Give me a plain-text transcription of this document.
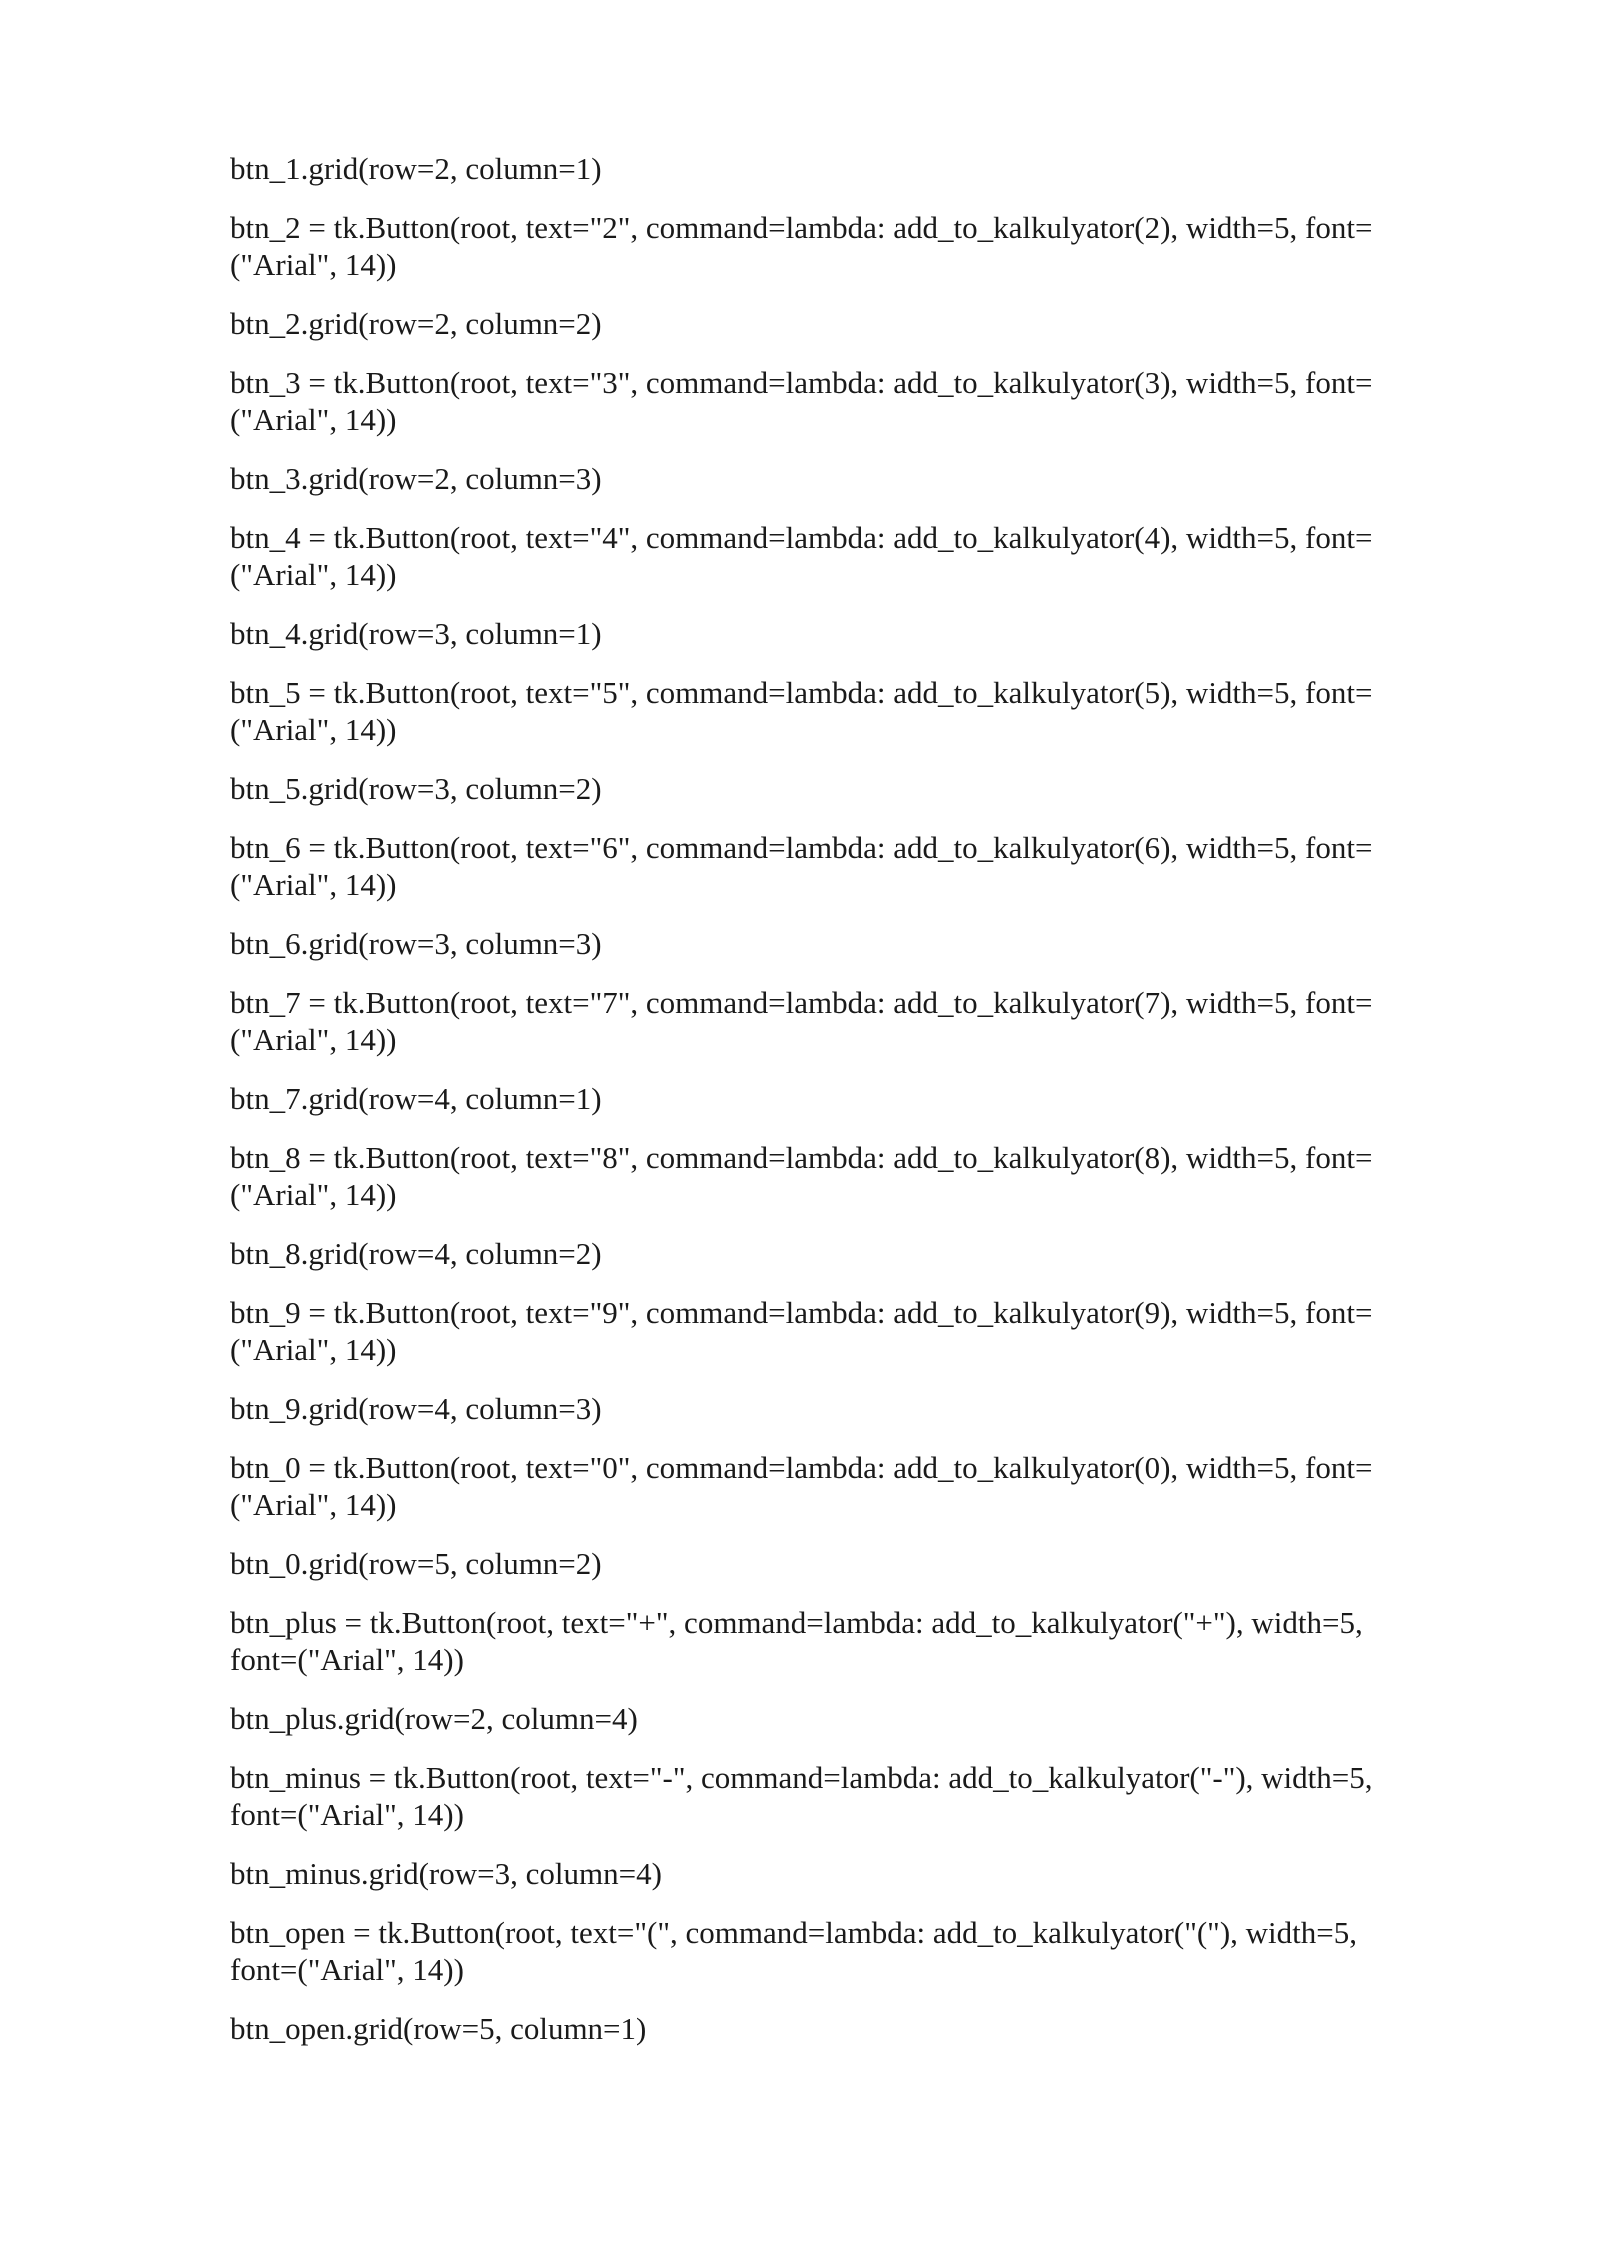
btn_1.grid(row=2, column=1)

btn_2 = tk.Button(root, text="2", command=lambda: add_to_kalkulyator(2), width=5, font=("Arial", 14))

btn_2.grid(row=2, column=2)

btn_3 = tk.Button(root, text="3", command=lambda: add_to_kalkulyator(3), width=5, font=("Arial", 14))

btn_3.grid(row=2, column=3)

btn_4 = tk.Button(root, text="4", command=lambda: add_to_kalkulyator(4), width=5, font=("Arial", 14))

btn_4.grid(row=3, column=1)

btn_5 = tk.Button(root, text="5", command=lambda: add_to_kalkulyator(5), width=5, font=("Arial", 14))

btn_5.grid(row=3, column=2)

btn_6 = tk.Button(root, text="6", command=lambda: add_to_kalkulyator(6), width=5, font=("Arial", 14))

btn_6.grid(row=3, column=3)

btn_7 = tk.Button(root, text="7", command=lambda: add_to_kalkulyator(7), width=5, font=("Arial", 14))

btn_7.grid(row=4, column=1)

btn_8 = tk.Button(root, text="8", command=lambda: add_to_kalkulyator(8), width=5, font=("Arial", 14))

btn_8.grid(row=4, column=2)

btn_9 = tk.Button(root, text="9", command=lambda: add_to_kalkulyator(9), width=5, font=("Arial", 14))

btn_9.grid(row=4, column=3)

btn_0 = tk.Button(root, text="0", command=lambda: add_to_kalkulyator(0), width=5, font=("Arial", 14))

btn_0.grid(row=5, column=2)

btn_plus = tk.Button(root, text="+", command=lambda: add_to_kalkulyator("+"), width=5, font=("Arial", 14))

btn_plus.grid(row=2, column=4)

btn_minus = tk.Button(root, text="-", command=lambda: add_to_kalkulyator("-"), width=5, font=("Arial", 14))

btn_minus.grid(row=3, column=4)

btn_open = tk.Button(root, text="(", command=lambda: add_to_kalkulyator("("), width=5, font=("Arial", 14))

btn_open.grid(row=5, column=1)
